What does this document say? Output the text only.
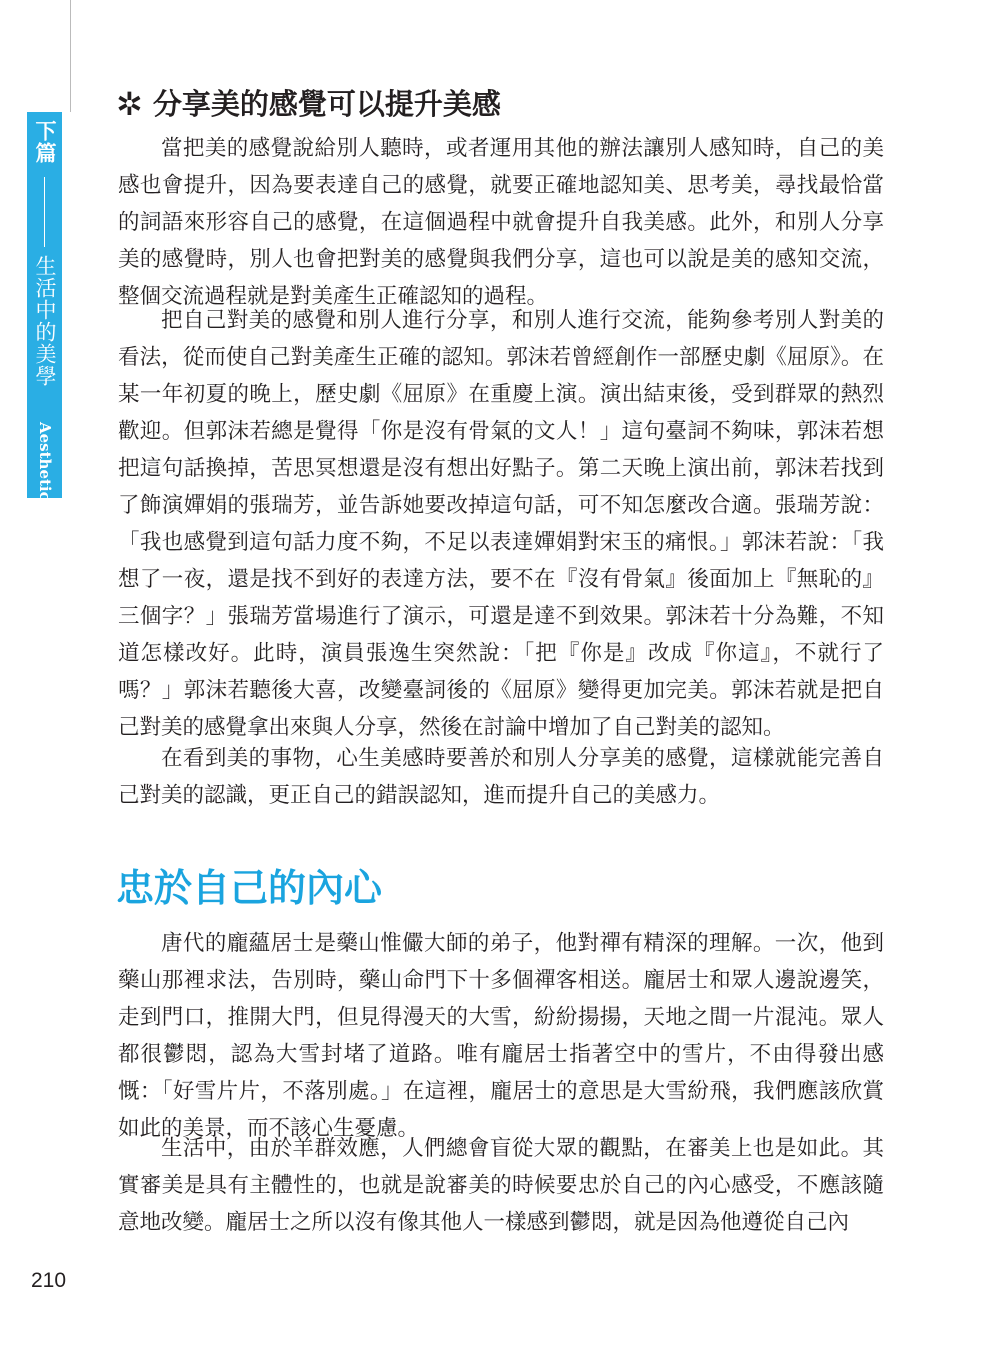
下篇
生活中的美學
Aesthetics Of Our Life
✲ 分享美的感覺可以提升美感

當把美的感覺說給別人聽時，或者運用其他的辦法讓別人感知時，自己的美感也會提升，因為要表達自己的感覺，就要正確地認知美、思考美，尋找最恰當的詞語來形容自己的感覺，在這個過程中就會提升自我美感。此外，和別人分享美的感覺時，別人也會把對美的感覺與我們分享，這也可以說是美的感知交流，整個交流過程就是對美產生正確認知的過程。

把自己對美的感覺和別人進行分享，和別人進行交流，能夠參考別人對美的看法，從而使自己對美產生正確的認知。郭沫若曾經創作一部歷史劇《屈原》。在某一年初夏的晚上，歷史劇《屈原》在重慶上演。演出結束後，受到群眾的熱烈歡迎。但郭沫若總是覺得「你是沒有骨氣的文人！」這句臺詞不夠味，郭沫若想把這句話換掉，苦思冥想還是沒有想出好點子。第二天晚上演出前，郭沫若找到了飾演嬋娟的張瑞芳，並告訴她要改掉這句話，可不知怎麼改合適。張瑞芳說：「我也感覺到這句話力度不夠，不足以表達嬋娟對宋玉的痛恨。」郭沫若說：「我想了一夜，還是找不到好的表達方法，要不在『沒有骨氣』後面加上『無恥的』三個字？」張瑞芳當場進行了演示，可還是達不到效果。郭沫若十分為難，不知道怎樣改好。此時，演員張逸生突然說：「把『你是』改成『你這』，不就行了嗎？」郭沫若聽後大喜，改變臺詞後的《屈原》變得更加完美。郭沫若就是把自己對美的感覺拿出來與人分享，然後在討論中增加了自己對美的認知。

在看到美的事物，心生美感時要善於和別人分享美的感覺，這樣就能完善自己對美的認識，更正自己的錯誤認知，進而提升自己的美感力。

忠於自己的內心

唐代的龐蘊居士是藥山惟儼大師的弟子，他對禪有精深的理解。一次，他到藥山那裡求法，告別時，藥山命門下十多個禪客相送。龐居士和眾人邊說邊笑，走到門口，推開大門，但見得漫天的大雪，紛紛揚揚，天地之間一片混沌。眾人都很鬱悶，認為大雪封堵了道路。唯有龐居士指著空中的雪片，不由得發出感慨：「好雪片片，不落別處。」在這裡，龐居士的意思是大雪紛飛，我們應該欣賞如此的美景，而不該心生憂慮。

生活中，由於羊群效應，人們總會盲從大眾的觀點，在審美上也是如此。其實審美是具有主體性的，也就是說審美的時候要忠於自己的內心感受，不應該隨意地改變。龐居士之所以沒有像其他人一樣感到鬱悶，就是因為他遵從自己內

210
